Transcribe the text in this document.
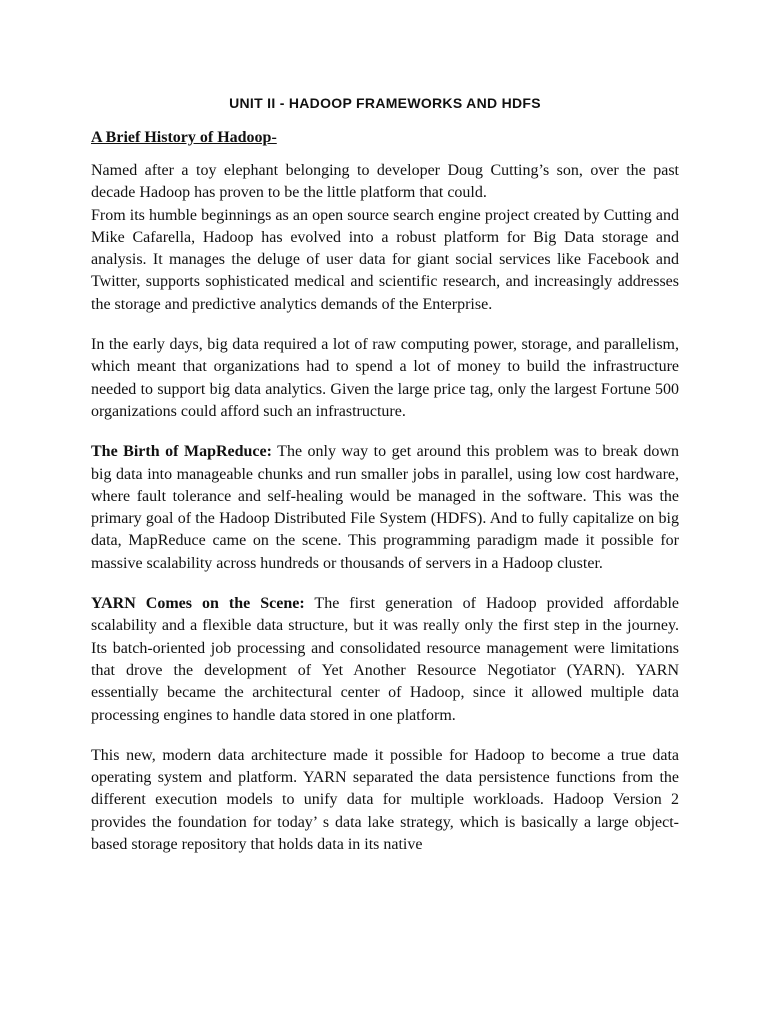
UNIT II - HADOOP FRAMEWORKS AND HDFS
A Brief History of Hadoop-

Named after a toy elephant belonging to developer Doug Cutting’s son, over the past decade Hadoop has proven to be the little platform that could.

From its humble beginnings as an open source search engine project created by Cutting and Mike Cafarella, Hadoop has evolved into a robust platform for Big Data storage and analysis. It manages the deluge of user data for giant social services like Facebook and Twitter, supports sophisticated medical and scientific research, and increasingly addresses the storage and predictive analytics demands of the Enterprise.

In the early days, big data required a lot of raw computing power, storage, and parallelism, which meant that organizations had to spend a lot of money to build the infrastructure needed to support big data analytics. Given the large price tag, only the largest Fortune 500 organizations could afford such an infrastructure.

The Birth of MapReduce: The only way to get around this problem was to break down big data into manageable chunks and run smaller jobs in parallel, using low cost hardware, where fault tolerance and self-healing would be managed in the software. This was the primary goal of the Hadoop Distributed File System (HDFS). And to fully capitalize on big data, MapReduce came on the scene. This programming paradigm made it possible for massive scalability across hundreds or thousands of servers in a Hadoop cluster.

YARN Comes on the Scene: The first generation of Hadoop provided affordable scalability and a flexible data structure, but it was really only the first step in the journey. Its batch-oriented job processing and consolidated resource management were limitations that drove the development of Yet Another Resource Negotiator (YARN). YARN essentially became the architectural center of Hadoop, since it allowed multiple data processing engines to handle data stored in one platform.

This new, modern data architecture made it possible for Hadoop to become a true data operating system and platform. YARN separated the data persistence functions from the different execution models to unify data for multiple workloads. Hadoop Version 2 provides the foundation for today’ s data lake strategy, which is basically a large object-based storage repository that holds data in its native
